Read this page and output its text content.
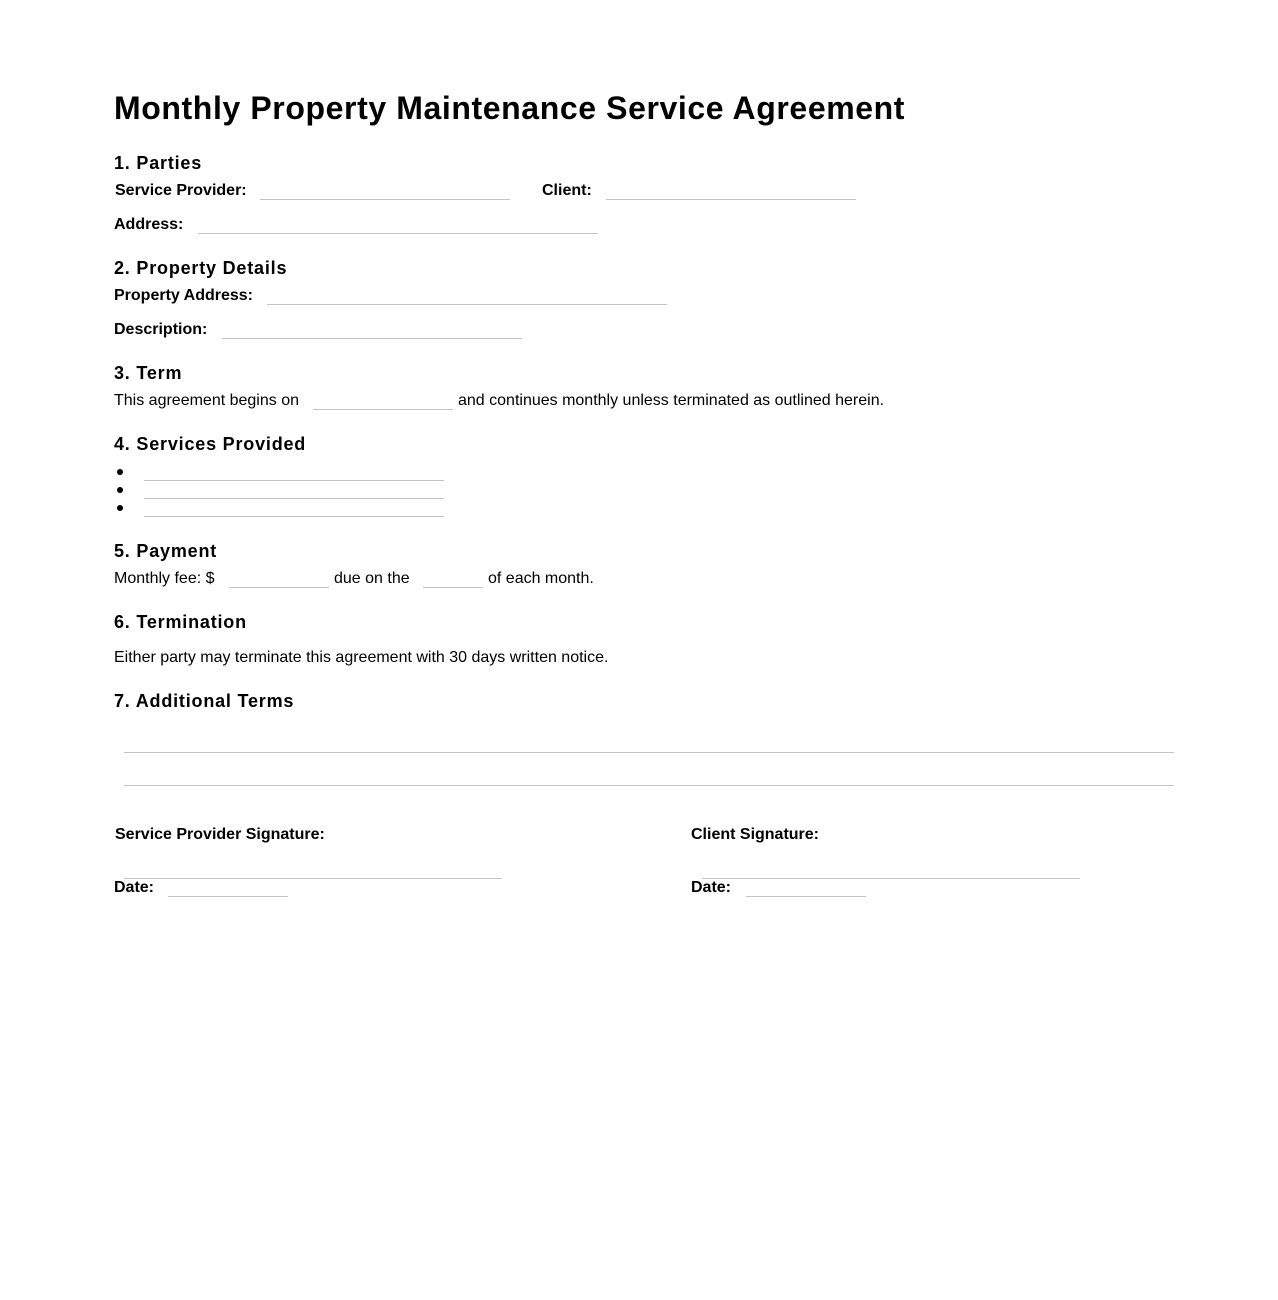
Monthly Property Maintenance Service Agreement
1. Parties
Service Provider:	Client:
Address:
2. Property Details
Property Address:
Description:
3. Term
This agreement begins on	and continues monthly unless terminated as outlined herein.
4. Services Provided
5. Payment
Monthly fee: $	due on the	of each month.
6. Termination
Either party may terminate this agreement with 30 days written notice.
7. Additional Terms
Service Provider Signature:
Date:
Client Signature:
Date:
